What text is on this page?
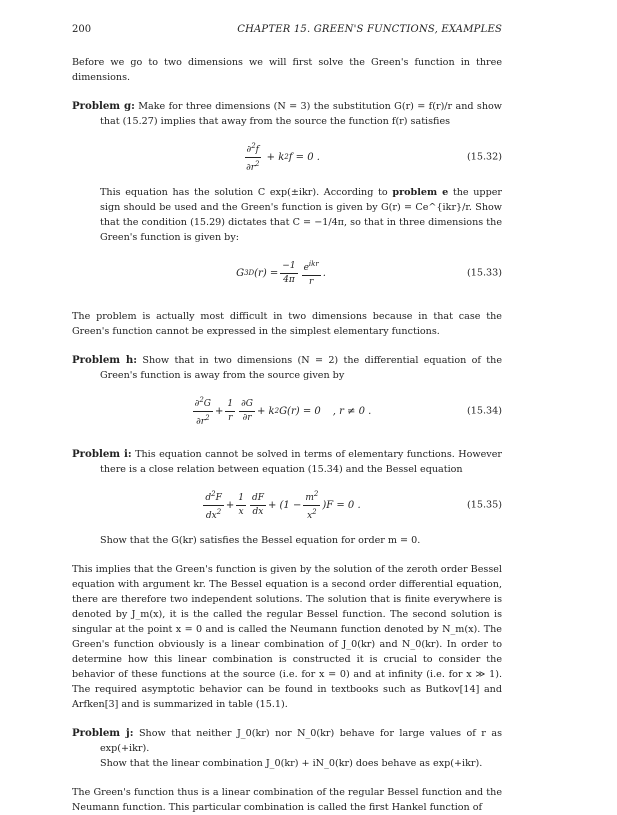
200	CHAPTER 15. GREEN'S FUNCTIONS, EXAMPLES

Before we go to two dimensions we will first solve the Green's function in three dimensions.

Problem g: Make for three dimensions (N = 3) the substitution G(r) = f(r)/r and show that (15.27) implies that away from the source the function f(r) satisfies

$\frac{\partial^2f}{\partial r^2} + k$ 2 f = 0 .	(15.32)

This equation has the solution C exp(±ikr). According to problem e the upper sign should be used and the Green's function is given by G(r) = Ce^{ikr}/r. Show that the condition (15.29) dictates that C = −1/4π, so that in three dimensions the Green's function is given by:

G 3D $(r) = \frac{-1}{4\pi} \frac{e^{ikr}}{r}$ .	(15.33)

The problem is actually most difficult in two dimensions because in that case the Green's function cannot be expressed in the simplest elementary functions.

Problem h: Show that in two dimensions (N = 2) the differential equation of the Green's function is away from the source given by

$\frac{\partial^2G}{\partial r^2} + \frac{1}{r} \frac{\partial G}{\partial r} + k$ 2 G(r) = 0
, r ≠ 0 .	(15.34)

Problem i: This equation cannot be solved in terms of elementary functions. However there is a close relation between equation (15.34) and the Bessel equation

$\frac{d^2F}{dx^2} + \frac{1}{x} \frac{dF}{dx} + (1 - \frac{m^2}{x^2} )F = 0$ .	(15.35)

Show that the G(kr) satisfies the Bessel equation for order m = 0.

This implies that the Green's function is given by the solution of the zeroth order Bessel equation with argument kr. The Bessel equation is a second order differential equation, there are therefore two independent solutions. The solution that is finite everywhere is denoted by J_m(x), it is the called the regular Bessel function. The second solution is singular at the point x = 0 and is called the Neumann function denoted by N_m(x). The Green's function obviously is a linear combination of J_0(kr) and N_0(kr). In order to determine how this linear combination is constructed it is crucial to consider the behavior of these functions at the source (i.e. for x = 0) and at infinity (i.e. for x ≫ 1). The required asymptotic behavior can be found in textbooks such as Butkov[14] and Arfken[3] and is summarized in table (15.1).

Problem j: Show that neither J_0(kr) nor N_0(kr) behave for large values of r as exp(+ikr).

Show that the linear combination J_0(kr) + iN_0(kr) does behave as exp(+ikr).

The Green's function thus is a linear combination of the regular Bessel function and the Neumann function. This particular combination is called the first Hankel function of
